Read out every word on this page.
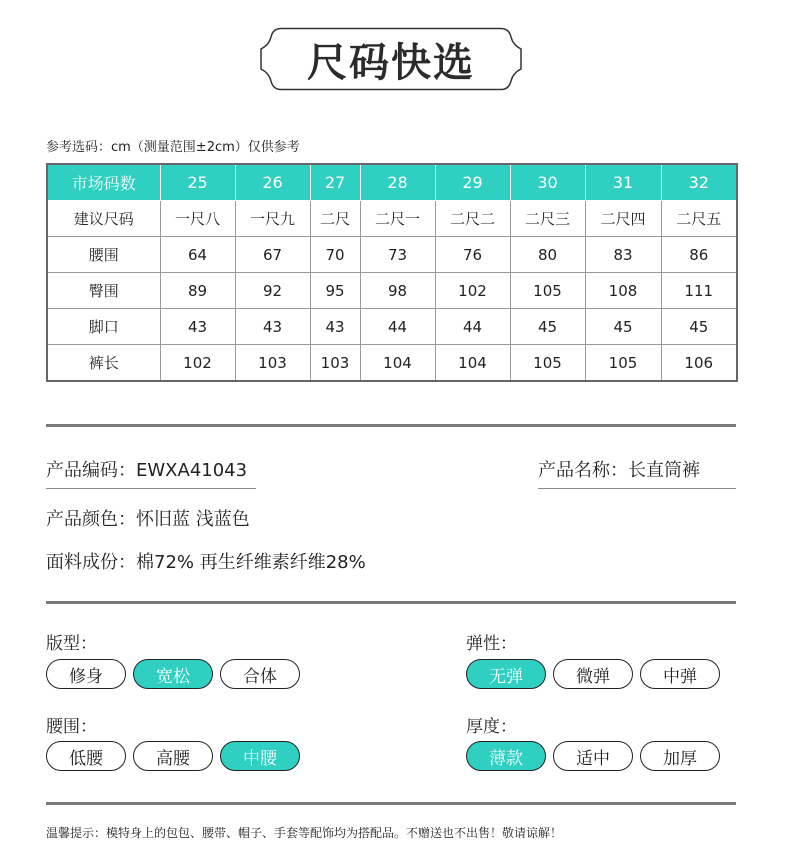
尺码快选
参考选码：cm（测量范围±2cm）仅供参考
市场码数	25	26	27	28	29	30	31	32
建议尺码	一尺八	一尺九	二尺	二尺一	二尺二	二尺三	二尺四	二尺五
腰围	64	67	70	73	76	80	83	86
臀围	89	92	95	98	102	105	108	111
脚口	43	43	43	44	44	45	45	45
裤长	102	103	103	104	104	105	105	106
产品编码：EWXA41043	产品名称：长直筒裤
产品颜色：怀旧蓝 浅蓝色
面料成份：棉72% 再生纤维素纤维28%
版型：	弹性：
腰围：	厚度：
温馨提示：模特身上的包包、腰带、帽子、手套等配饰均为搭配品。不赠送也不出售！敬请谅解！
修身	宽松	合体	无弹	微弹	中弹
低腰	高腰	中腰	薄款	适中	加厚
